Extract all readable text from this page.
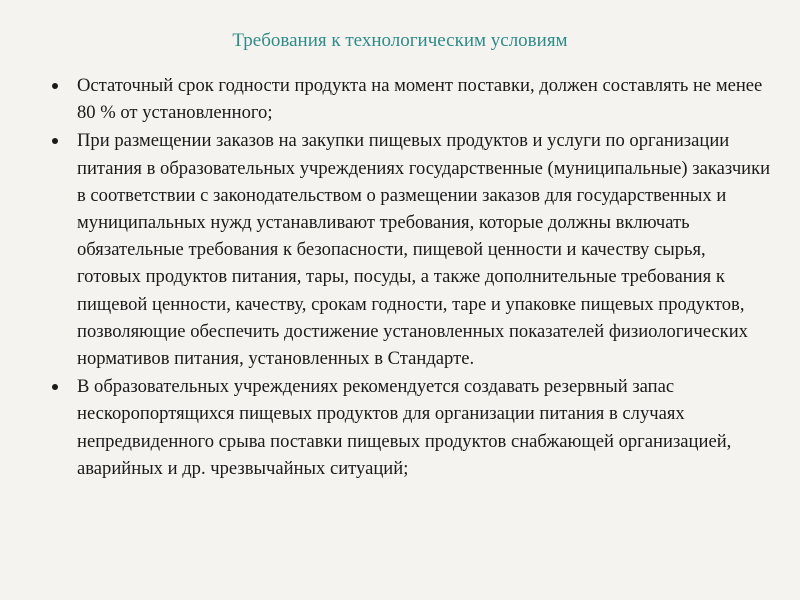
Требования к технологическим условиям
Остаточный срок годности продукта на момент поставки, должен составлять не менее 80 % от установленного;
При размещении заказов на закупки пищевых продуктов и услуги по организации питания в образовательных учреждениях государственные (муниципальные) заказчики в соответствии с законодательством о размещении заказов для государственных и муниципальных нужд устанавливают требования, которые должны включать обязательные требования к безопасности, пищевой ценности и качеству сырья, готовых продуктов питания, тары, посуды, а также дополнительные требования к пищевой ценности, качеству, срокам годности, таре и упаковке пищевых продуктов, позволяющие обеспечить достижение установленных показателей физиологических нормативов питания, установленных в Стандарте.
В образовательных учреждениях рекомендуется создавать резервный запас нескоропортящихся пищевых продуктов для организации питания в случаях непредвиденного срыва поставки пищевых продуктов снабжающей организацией, аварийных и др. чрезвычайных ситуаций;
